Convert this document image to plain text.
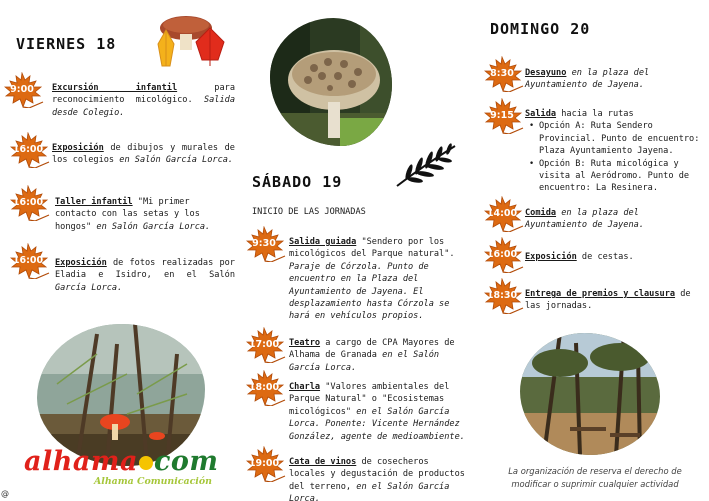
VIERNES 18
9:00	Excursión infantil para reconocimiento micológico. Salida desde Colegio.
16:00	Exposición de dibujos y murales de los colegios en Salón García Lorca.
16:00	Taller infantil "Mi primer contacto con las setas y los hongos" en Salón García Lorca.
16:00	Exposición de fotos realizadas por Eladia e Isidro, en el Salón García Lorca.
SÁBADO 19
INICIO DE LAS JORNADAS
9:30	Salida guiada "Sendero por los micológicos del Parque natural". Paraje de Córzola. Punto de encuentro en la Plaza del Ayuntamiento de Jayena. El desplazamiento hasta Córzola se hará en vehículos propios.
17:00	Teatro a cargo de CPA Mayores de Alhama de Granada en el Salón García Lorca.
18:00	Charla "Valores ambientales del Parque Natural" o "Ecosistemas micológicos" en el Salón García Lorca. Ponente: Vicente Hernández González, agente de medioambiente.
19:00	Cata de vinos de cosecheros locales y degustación de productos del terreno, en el Salón García Lorca.
DOMINGO 20
8:30	Desayuno en la plaza del Ayuntamiento de Jayena.
9:15	Salida hacia la rutas
• Opción A: Ruta Sendero Provincial. Punto de encuentro: Plaza Ayuntamiento Jayena.
• Opción B: Ruta micológica y visita al Aeródromo. Punto de encuentro: La Resinera.
14:00 Comida en la plaza del Ayuntamiento de Jayena.
16:00 Exposición de cestas.
18:30 Entrega de premios y clausura de las jornadas.
La organización de reserva el derecho de modificar o suprimir cualquier actividad
alhama com
Alhama Comunicación
@
